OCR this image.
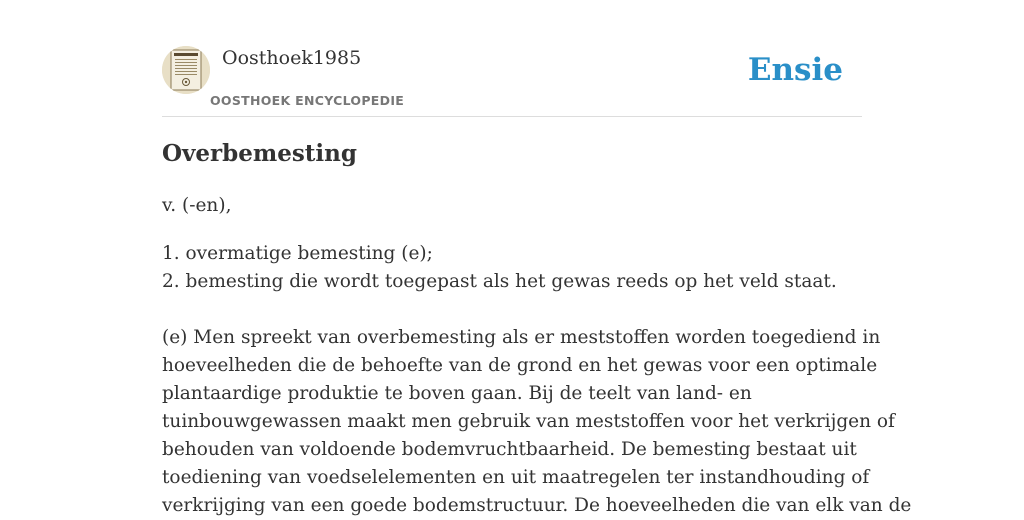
Oosthoek1985
OOSTHOEK ENCYCLOPEDIE
Ensie
Overbemesting

v. (-en),

1. overmatige bemesting (e);

2. bemesting die wordt toegepast als het gewas reeds op het veld staat.

(e) Men spreekt van overbemesting als er meststoffen worden toegediend in

hoeveelheden die de behoefte van de grond en het gewas voor een optimale

plantaardige produktie te boven gaan. Bij de teelt van land- en

tuinbouwgewassen maakt men gebruik van meststoffen voor het verkrijgen of

behouden van voldoende bodemvruchtbaarheid. De bemesting bestaat uit

toediening van voedselelementen en uit maatregelen ter instandhouding of

verkrijging van een goede bodemstructuur. De hoeveelheden die van elk van de
